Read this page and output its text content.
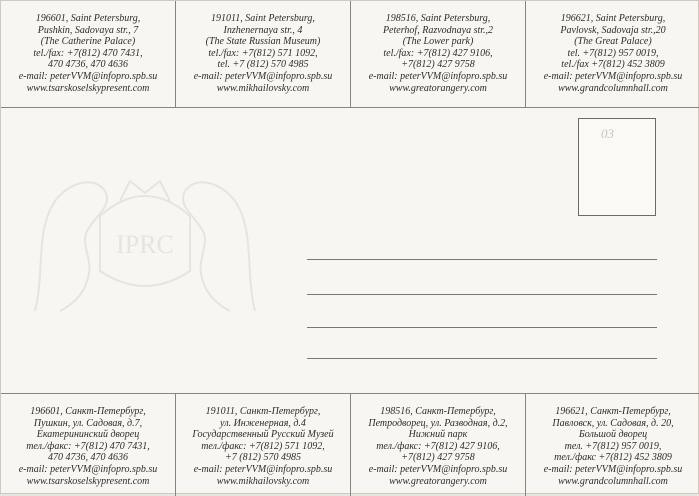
196601, Saint Petersburg,
Pushkin, Sadovaya str., 7
(The Catherine Palace)
tel./fax: +7(812) 470 7431,
470 4736, 470 4636
e-mail: peterVVM@infopro.spb.su
www.tsarskoselskypresent.com
191011, Saint Petersburg,
Inzhenernaya str., 4
(The State Russian Museum)
tel./fax: +7(812) 571 1092,
tel. +7 (812) 570 4985
e-mail: peterVVM@infopro.spb.su
www.mikhailovsky.com
198516, Saint Petersburg,
Peterhof, Razvodnaya str.,2
(The Lower park)
tel./fax: +7(812) 427 9106,
+7(812) 427 9758
e-mail: peterVVM@infopro.spb.su
www.greatorangery.com
196621, Saint Petersburg,
Pavlovsk, Sadovaja str.,20
(The Great Palace)
tel. +7(812) 957 0019,
tel./fax +7(812) 452 3809
e-mail: peterVVM@infopro.spb.su
www.grandcolumnhall.com
IPRC
03
196601, Санкт-Петербург,
Пушкин, ул. Садовая, д.7,
Екатерининский дворец
тел./факс: +7(812) 470 7431,
470 4736, 470 4636
e-mail: peterVVM@infopro.spb.su
www.tsarskoselskypresent.com
191011, Санкт-Петербург,
ул. Инженерная, д.4
Государственный Русский Музей
тел./факс: +7(812) 571 1092,
+7 (812) 570 4985
e-mail: peterVVM@infopro.spb.su
www.mikhailovsky.com
198516, Санкт-Петербург,
Петродворец, ул. Разводная, д.2,
Нижний парк
тел./факс: +7(812) 427 9106,
+7(812) 427 9758
e-mail: peterVVM@infopro.spb.su
www.greatorangery.com
196621, Санкт-Петербург,
Павловск, ул. Садовая, д. 20,
Большой дворец
тел. +7(812) 957 0019,
тел./факс +7(812) 452 3809
e-mail: peterVVM@infopro.spb.su
www.grandcolumnhall.com
